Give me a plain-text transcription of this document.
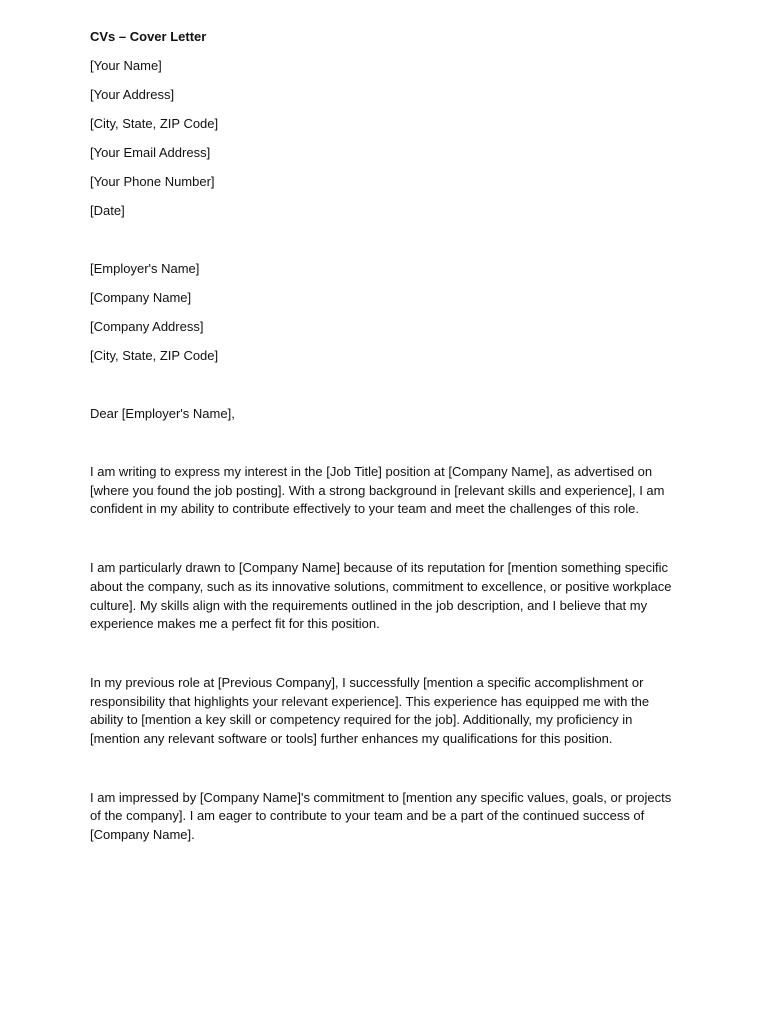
CVs – Cover Letter
[Your Name]
[Your Address]
[City, State, ZIP Code]
[Your Email Address]
[Your Phone Number]
[Date]
[Employer's Name]
[Company Name]
[Company Address]
[City, State, ZIP Code]
Dear [Employer's Name],

I am writing to express my interest in the [Job Title] position at [Company Name], as advertised on [where you found the job posting]. With a strong background in [relevant skills and experience], I am confident in my ability to contribute effectively to your team and meet the challenges of this role.

I am particularly drawn to [Company Name] because of its reputation for [mention something specific about the company, such as its innovative solutions, commitment to excellence, or positive workplace culture]. My skills align with the requirements outlined in the job description, and I believe that my experience makes me a perfect fit for this position.

In my previous role at [Previous Company], I successfully [mention a specific accomplishment or responsibility that highlights your relevant experience]. This experience has equipped me with the ability to [mention a key skill or competency required for the job]. Additionally, my proficiency in [mention any relevant software or tools] further enhances my qualifications for this position.

I am impressed by [Company Name]'s commitment to [mention any specific values, goals, or projects of the company]. I am eager to contribute to your team and be a part of the continued success of [Company Name].
